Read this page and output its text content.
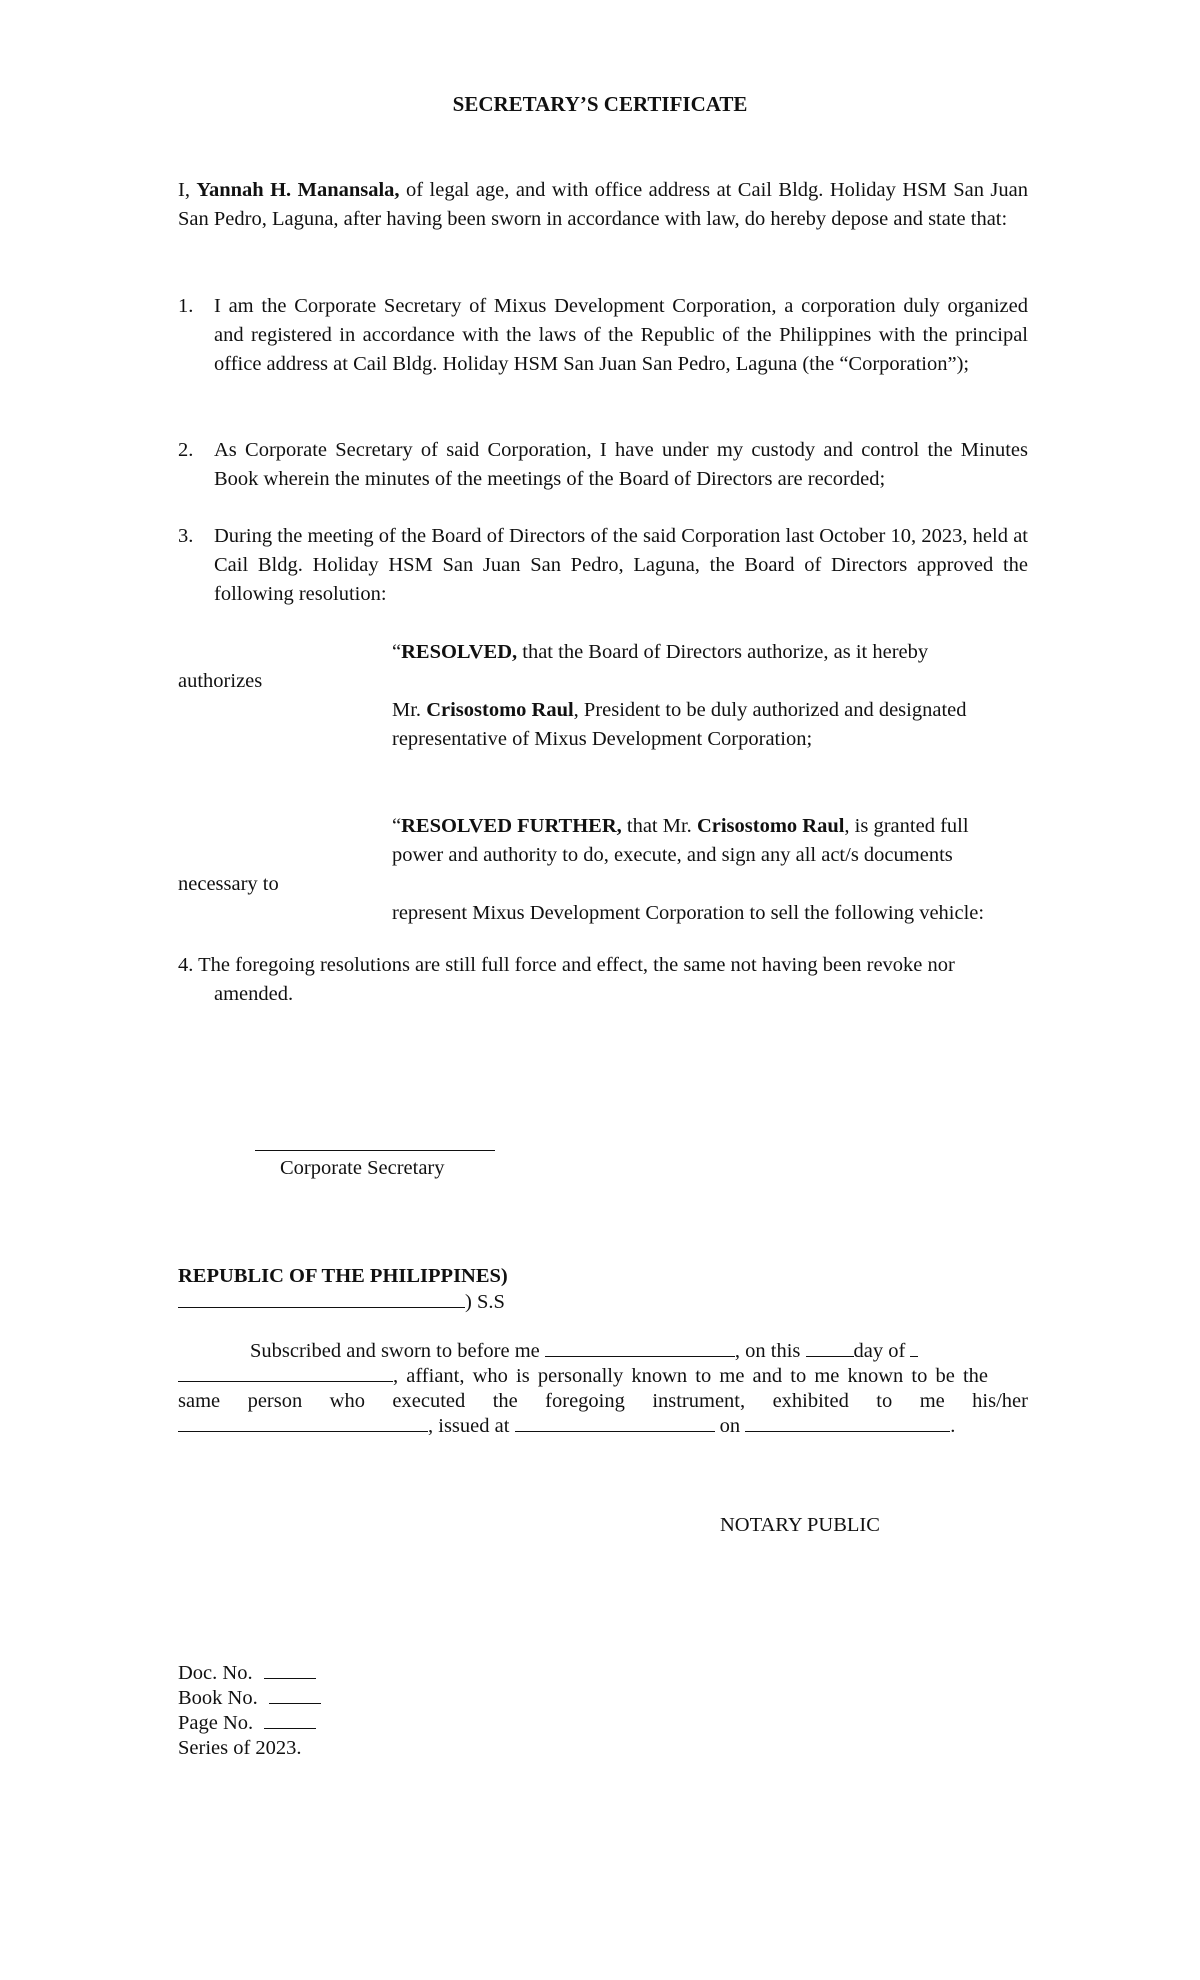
SECRETARY’S CERTIFICATE
I, Yannah H. Manansala, of legal age, and with office address at Cail Bldg. Holiday HSM San Juan San Pedro, Laguna, after having been sworn in accordance with law, do hereby depose and state that:
1. I am the Corporate Secretary of Mixus Development Corporation, a corporation duly organized and registered in accordance with the laws of the Republic of the Philippines with the principal office address at Cail Bldg. Holiday HSM San Juan San Pedro, Laguna (the “Corporation”);
2. As Corporate Secretary of said Corporation, I have under my custody and control the Minutes Book wherein the minutes of the meetings of the Board of Directors are recorded;
3. During the meeting of the Board of Directors of the said Corporation last October 10, 2023, held at Cail Bldg. Holiday HSM San Juan San Pedro, Laguna, the Board of Directors approved the following resolution:
“RESOLVED, that the Board of Directors authorize, as it hereby
authorizes
Mr. Crisostomo Raul, President to be duly authorized and designated
representative of Mixus Development Corporation;
“RESOLVED FURTHER, that Mr. Crisostomo Raul, is granted full
power and authority to do, execute, and sign any all act/s documents
necessary to
represent Mixus Development Corporation to sell the following vehicle:
4. The foregoing resolutions are still full force and effect, the same not having been revoke nor
amended.
Corporate Secretary
REPUBLIC OF THE PHILIPPINES)
) S.S
Subscribed and sworn to before me	, on this	day of
, affiant, who is personally known to me and to me known to be the
same person who executed the foregoing instrument, exhibited to me his/her
, issued at	on	.
NOTARY PUBLIC
Doc. No.
Book No.
Page No.
Series of 2023.
